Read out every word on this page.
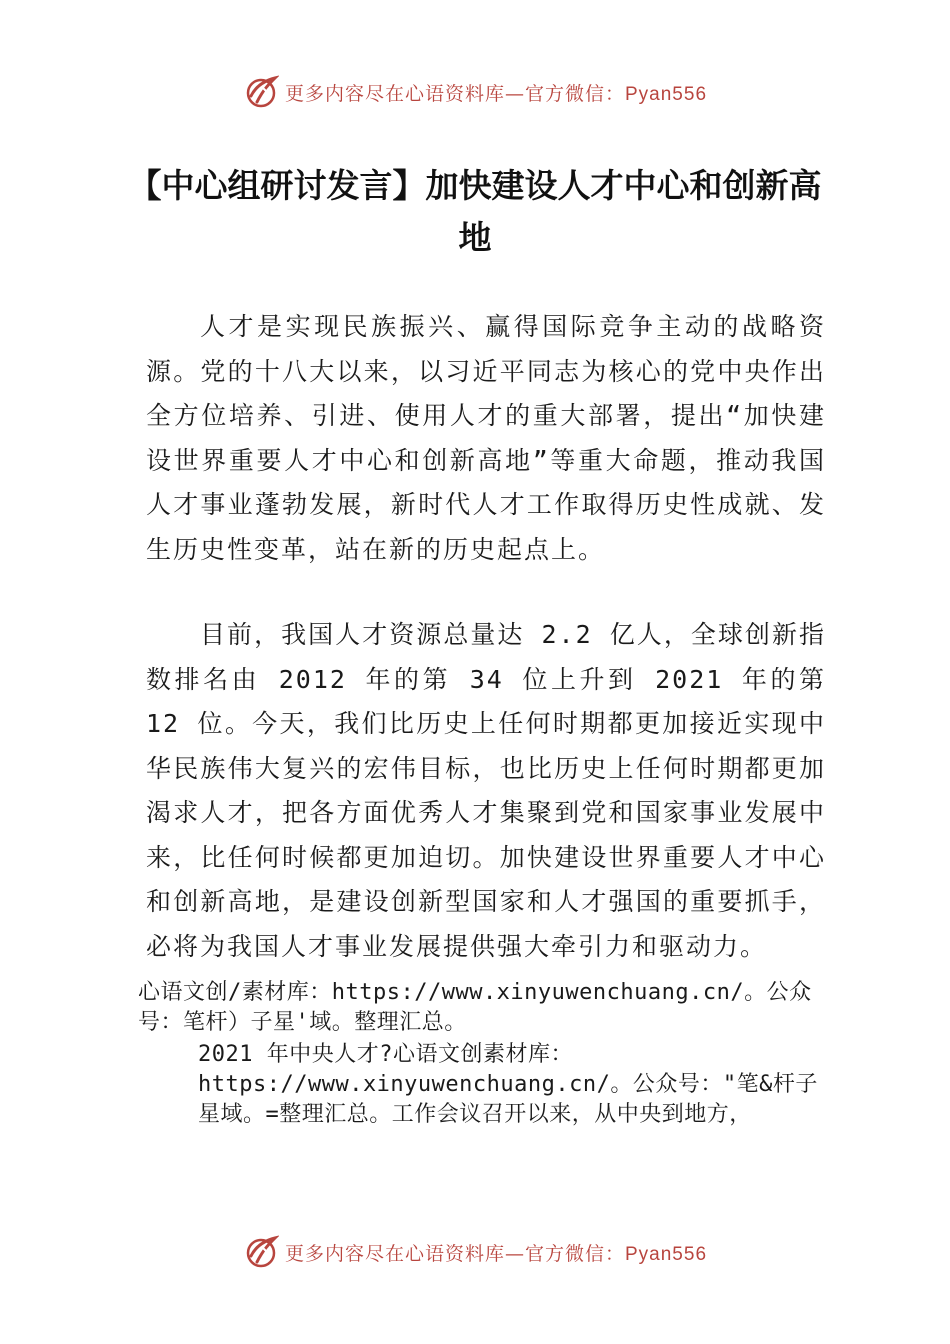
更多内容尽在心语资料库—官方微信：Pyan556
【中心组研讨发言】加快建设人才中心和创新高地

人才是实现民族振兴、赢得国际竞争主动的战略资源。党的十八大以来，以习近平同志为核心的党中央作出全方位培养、引进、使用人才的重大部署，提出“加快建设世界重要人才中心和创新高地”等重大命题，推动我国人才事业蓬勃发展，新时代人才工作取得历史性成就、发生历史性变革，站在新的历史起点上。

目前，我国人才资源总量达 2.2 亿人，全球创新指数排名由 2012 年的第 34 位上升到 2021 年的第 12 位。今天，我们比历史上任何时期都更加接近实现中华民族伟大复兴的宏伟目标，也比历史上任何时期都更加渴求人才，把各方面优秀人才集聚到党和国家事业发展中来，比任何时候都更加迫切。加快建设世界重要人才中心和创新高地，是建设创新型国家和人才强国的重要抓手，必将为我国人才事业发展提供强大牵引力和驱动力。

心语文创/素材库：https://www.xinyuwenchuang.cn/。公众号：笔杆）子星'域。整理汇总。

2021 年中央人才?心语文创素材库：https://www.xinyuwenchuang.cn/。公众号："笔&杆子星域。=整理汇总。工作会议召开以来，从中央到地方，

更多内容尽在心语资料库—官方微信：Pyan556
